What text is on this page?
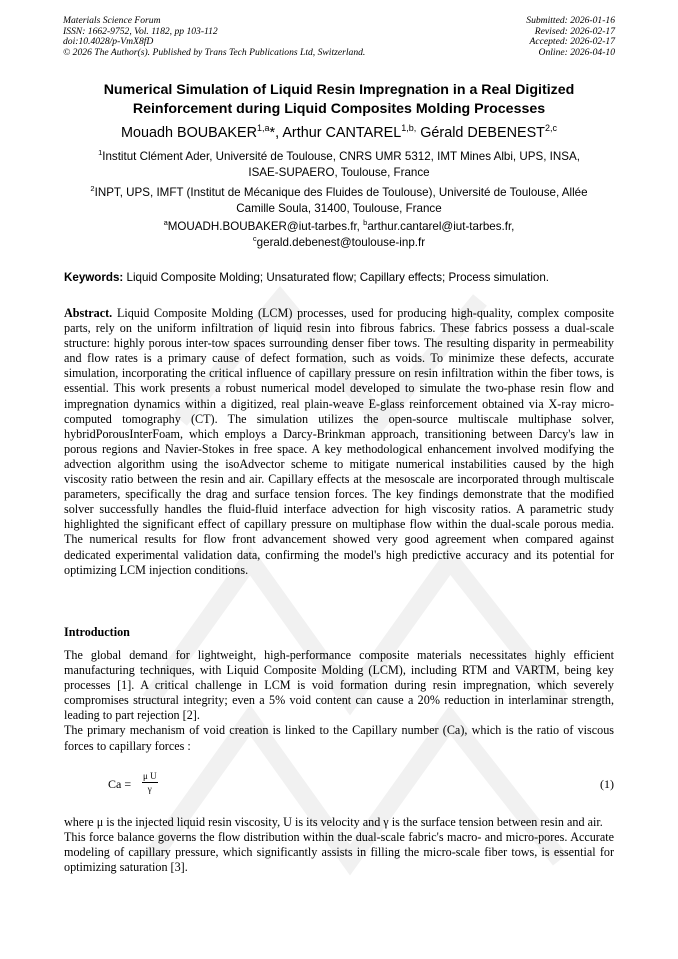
Materials Science Forum
ISSN: 1662-9752, Vol. 1182, pp 103-112
doi:10.4028/p-VmX8fD
© 2026 The Author(s). Published by Trans Tech Publications Ltd, Switzerland.
Submitted: 2026-01-16
Revised: 2026-02-17
Accepted: 2026-02-17
Online: 2026-04-10
Numerical Simulation of Liquid Resin Impregnation in a Real Digitized
Reinforcement during Liquid Composites Molding Processes
Mouadh BOUBAKER$^{1,a}$*, Arthur $CANTAREL^{1,b,}$ Gérald DEBENEST$^{2,c}$
$^1$Institut Clément Ader, Université de Toulouse, CNRS UMR 5312, IMT Mines Albi, UPS, INSA,
ISAE-SUPAERO, Toulouse, France
$^2$INPT, UPS, IMFT (Institut de Mécanique des Fluides de Toulouse), Université de Toulouse, Allée
Camille Soula, 31400, Toulouse, France
$^a$MOUADH.BOUBAKER@iut-tarbes.fr, $^b$arthur.cantarel@iut-tarbes.fr,
$^c$gerald.debenest@toulouse-inp.fr
Keywords: Liquid Composite Molding; Unsaturated flow; Capillary effects; Process simulation.
Abstract. Liquid Composite Molding (LCM) processes, used for producing high-quality, complex composite parts, rely on the uniform infiltration of liquid resin into fibrous fabrics. These fabrics possess a dual-scale structure: highly porous inter-tow spaces surrounding denser fiber tows. The resulting disparity in permeability and flow rates is a primary cause of defect formation, such as voids. To minimize these defects, accurate simulation, incorporating the critical influence of capillary pressure on resin infiltration within the fiber tows, is essential. This work presents a robust numerical model developed to simulate the two-phase resin flow and impregnation dynamics within a digitized, real plain-weave E-glass reinforcement obtained via X-ray micro-computed tomography (CT). The simulation utilizes the open-source multiscale multiphase solver, hybridPorousInterFoam, which employs a Darcy-Brinkman approach, transitioning between Darcy's law in porous regions and Navier-Stokes in free space. A key methodological enhancement involved modifying the advection algorithm using the isoAdvector scheme to mitigate numerical instabilities caused by the high viscosity ratio between the resin and air. Capillary effects at the mesoscale are incorporated through multiscale parameters, specifically the drag and surface tension forces. The key findings demonstrate that the modified solver successfully handles the fluid-fluid interface advection for high viscosity ratios. A parametric study highlighted the significant effect of capillary pressure on multiphase flow within the dual-scale porous media. The numerical results for flow front advancement showed very good agreement when compared against dedicated experimental validation data, confirming the model's high predictive accuracy and its potential for optimizing LCM injection conditions.
Introduction
The global demand for lightweight, high-performance composite materials necessitates highly efficient manufacturing techniques, with Liquid Composite Molding (LCM), including RTM and VARTM, being key processes [1]. A critical challenge in LCM is void formation during resin impregnation, which severely compromises structural integrity; even a 5% void content can cause a 20% reduction in interlaminar strength, leading to part rejection [2].
The primary mechanism of void creation is linked to the Capillary number (Ca), which is the ratio of viscous forces to capillary forces :
$Ca = \frac{\text{μ U}}{\gamma}$	(1)
where μ is the injected liquid resin viscosity, U is its velocity and γ is the surface tension between resin and air.
This force balance governs the flow distribution within the dual-scale fabric's macro- and micro-pores. Accurate modeling of capillary pressure, which significantly assists in filling the micro-scale fiber tows, is essential for optimizing saturation [3].
